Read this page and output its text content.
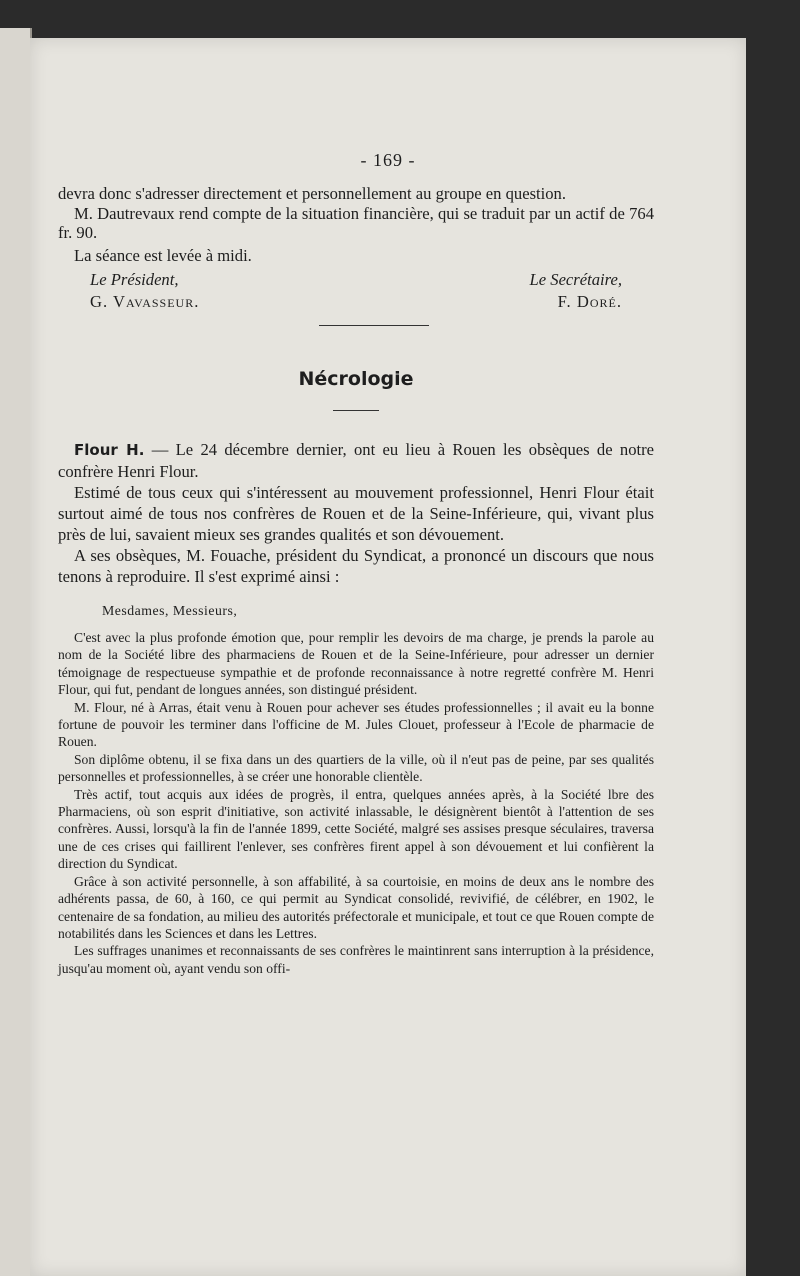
- 169 -

devra donc s'adresser directement et personnellement au groupe en question.

M. Dautrevaux rend compte de la situation financière, qui se traduit par un actif de 764 fr. 90.

La séance est levée à midi.

Le Président,
G. Vavasseur.
Le Secrétaire,
F. Doré.
Nécrologie

Flour H. — Le 24 décembre dernier, ont eu lieu à Rouen les obsèques de notre confrère Henri Flour.

Estimé de tous ceux qui s'intéressent au mouvement professionnel, Henri Flour était surtout aimé de tous nos confrères de Rouen et de la Seine-Inférieure, qui, vivant plus près de lui, savaient mieux ses grandes qualités et son dévouement.

A ses obsèques, M. Fouache, président du Syndicat, a prononcé un discours que nous tenons à reproduire. Il s'est exprimé ainsi :

Mesdames, Messieurs,

C'est avec la plus profonde émotion que, pour remplir les devoirs de ma charge, je prends la parole au nom de la Société libre des pharmaciens de Rouen et de la Seine-Inférieure, pour adresser un dernier témoignage de respectueuse sympathie et de profonde reconnaissance à notre regretté confrère M. Henri Flour, qui fut, pendant de longues années, son distingué président.

M. Flour, né à Arras, était venu à Rouen pour achever ses études professionnelles ; il avait eu la bonne fortune de pouvoir les terminer dans l'officine de M. Jules Clouet, professeur à l'Ecole de pharmacie de Rouen.

Son diplôme obtenu, il se fixa dans un des quartiers de la ville, où il n'eut pas de peine, par ses qualités personnelles et professionnelles, à se créer une honorable clientèle.

Très actif, tout acquis aux idées de progrès, il entra, quelques années après, à la Société lbre des Pharmaciens, où son esprit d'initiative, son activité inlassable, le désignèrent bientôt à l'attention de ses confrères. Aussi, lorsqu'à la fin de l'année 1899, cette Société, malgré ses assises presque séculaires, traversa une de ces crises qui faillirent l'enlever, ses confrères firent appel à son dévouement et lui confièrent la direction du Syndicat.

Grâce à son activité personnelle, à son affabilité, à sa courtoisie, en moins de deux ans le nombre des adhérents passa, de 60, à 160, ce qui permit au Syndicat consolidé, revivifié, de célébrer, en 1902, le centenaire de sa fondation, au milieu des autorités préfectorale et municipale, et tout ce que Rouen compte de notabilités dans les Sciences et dans les Lettres.

Les suffrages unanimes et reconnaissants de ses confrères le maintinrent sans interruption à la présidence, jusqu'au moment où, ayant vendu son offi-
